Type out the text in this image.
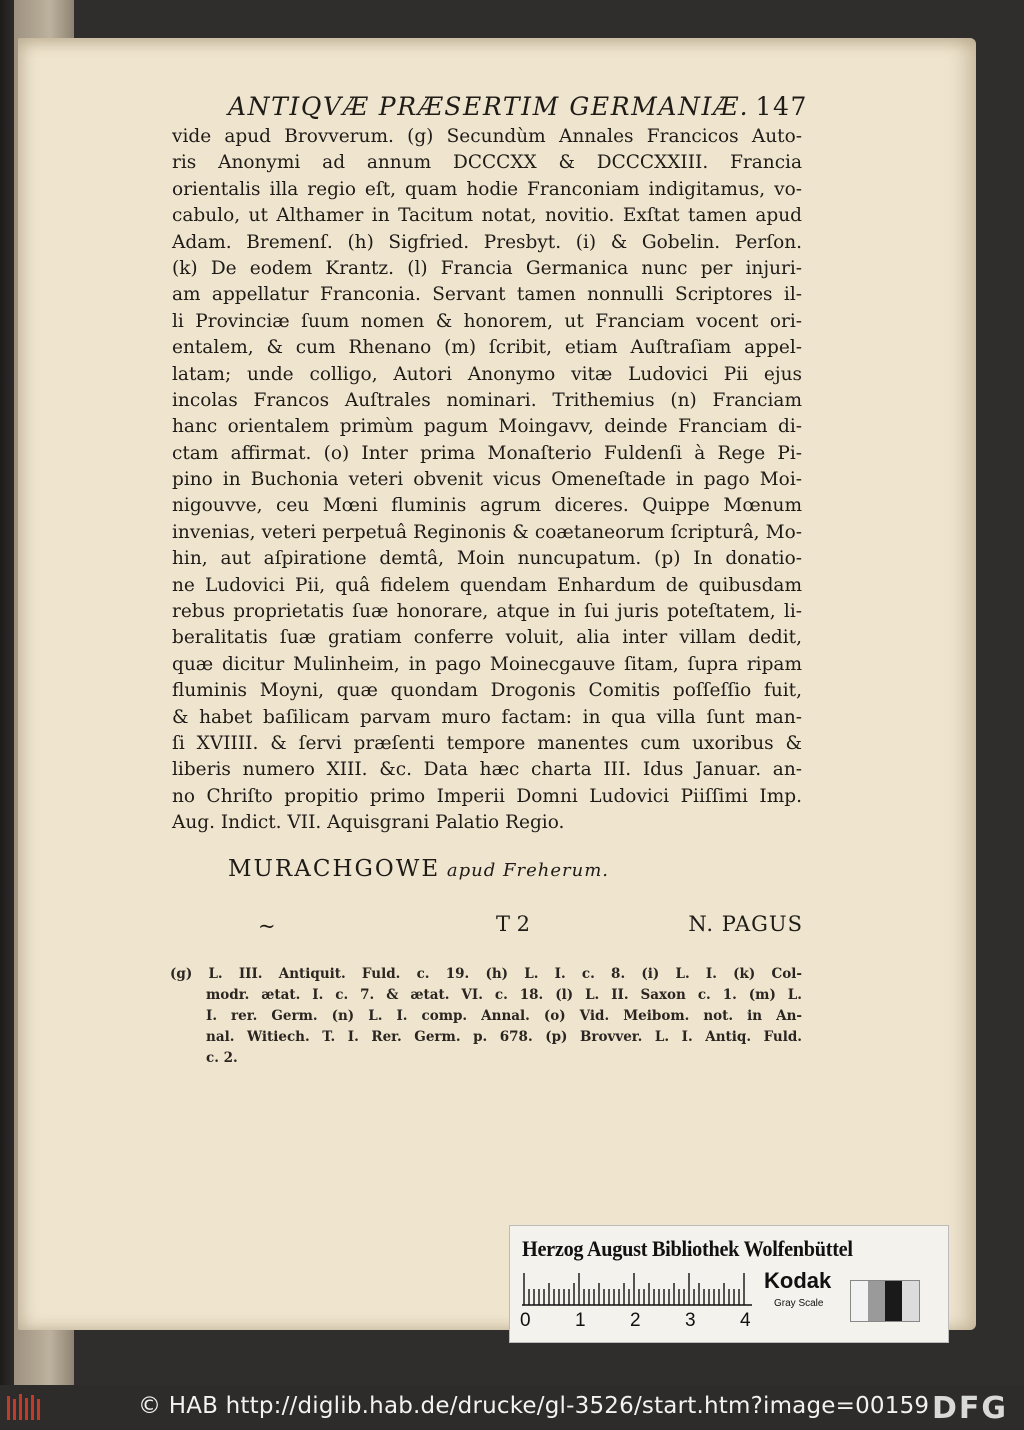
ANTIQVÆ PRÆSERTIM GERMANIÆ. 147
vide apud Brovverum. (g) Secundùm Annales Francicos Auto-
ris Anonymi ad annum DCCCXX & DCCCXXIII. Francia
orientalis illa regio eſt, quam hodie Franconiam indigitamus, vo-
cabulo, ut Althamer in Tacitum notat, novitio. Exſtat tamen apud
Adam. Bremenſ. (h) Sigfried. Presbyt. (i) & Gobelin. Perſon.
(k) De eodem Krantz. (l) Francia Germanica nunc per injuri-
am appellatur Franconia. Servant tamen nonnulli Scriptores il-
li Provinciæ ſuum nomen & honorem, ut Franciam vocent ori-
entalem, & cum Rhenano (m) ſcribit, etiam Auſtraſiam appel-
latam; unde colligo, Autori Anonymo vitæ Ludovici Pii ejus
incolas Francos Auſtrales nominari. Trithemius (n) Franciam
hanc orientalem primùm pagum Moingavv, deinde Franciam di-
ctam affirmat. (o) Inter prima Monaſterio Fuldenſi à Rege Pi-
pino in Buchonia veteri obvenit vicus Omeneſtade in pago Moi-
nigouvve, ceu Mœni fluminis agrum diceres. Quippe Mœnum
invenias, veteri perpetuâ Reginonis & coætaneorum ſcripturâ, Mo-
hin, aut aſpiratione demtâ, Moin nuncupatum. (p) In donatio-
ne Ludovici Pii, quâ fidelem quendam Enhardum de quibusdam
rebus proprietatis ſuæ honorare, atque in ſui juris poteſtatem, li-
beralitatis ſuæ gratiam conferre voluit, alia inter villam dedit,
quæ dicitur Mulinheim, in pago Moinecgauve ſitam, ſupra ripam
fluminis Moyni, quæ quondam Drogonis Comitis poſſeſſio fuit,
& habet baſilicam parvam muro factam: in qua villa ſunt man-
ſi XVIIII. & ſervi præſenti tempore manentes cum uxoribus &
liberis numero XIII. &c. Data hæc charta III. Idus Januar. an-
no Chriſto propitio primo Imperii Domni Ludovici Piiſſimi Imp.
Aug. Indict. VII. Aquisgrani Palatio Regio.
MURACHGOWE apud Freherum.
~	T 2	N. PAGUS
(g) L. III. Antiquit. Fuld. c. 19. (h) L. I. c. 8. (i) L. I. (k) Col-
modr. ætat. I. c. 7. & ætat. VI. c. 18. (l) L. II. Saxon c. 1. (m) L.
I. rer. Germ. (n) L. I. comp. Annal. (o) Vid. Meibom. not. in An-
nal. Witiech. T. I. Rer. Germ. p. 678. (p) Brovver. L. I. Antiq. Fuld.
c. 2.
Herzog August Bibliothek Wolfenbüttel
0 1 2 3 4
Kodak
Gray Scale
© HAB http://diglib.hab.de/drucke/gl-3526/start.htm?image=00159 DFG
